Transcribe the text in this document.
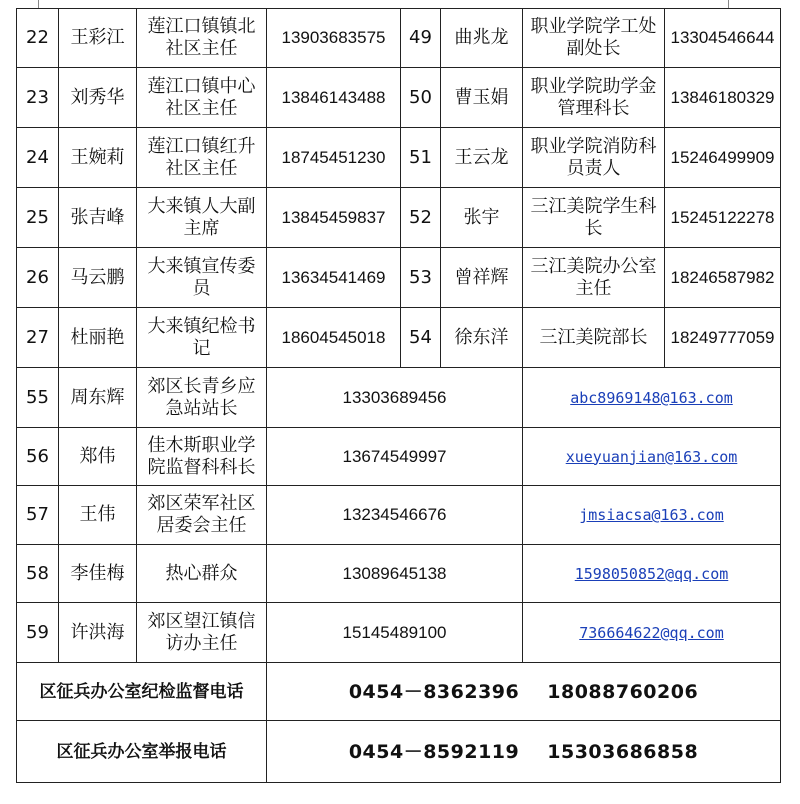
22	王彩江	莲江口镇镇北社区主任	13903683575	49	曲兆龙	职业学院学工处副处长	13304546644
23	刘秀华	莲江口镇中心社区主任	13846143488	50	曹玉娟	职业学院助学金管理科长	13846180329
24	王婉莉	莲江口镇红升社区主任	18745451230	51	王云龙	职业学院消防科员责人	15246499909
25	张吉峰	大来镇人大副主席	13845459837	52	张宇	三江美院学生科长	15245122278
26	马云鹏	大来镇宣传委员	13634541469	53	曾祥辉	三江美院办公室主任	18246587982
27	杜丽艳	大来镇纪检书记	18604545018	54	徐东洋	三江美院部长	18249777059
55	周东辉	郊区长青乡应急站站长	13303689456			abc8969148@163.com	
56	郑伟	佳木斯职业学院监督科科长	13674549997			xueyuanjian@163.com	
57	王伟	郊区荣军社区居委会主任	13234546676			jmsiacsa@163.com	
58	李佳梅	热心群众	13089645138			1598050852@qq.com	
59	许洪海	郊区望江镇信访办主任	15145489100			736664622@qq.com	
区征兵办公室纪检监督电话			0454－8362396 18088760206				
区征兵办公室举报电话			0454－8592119 15303686858				
